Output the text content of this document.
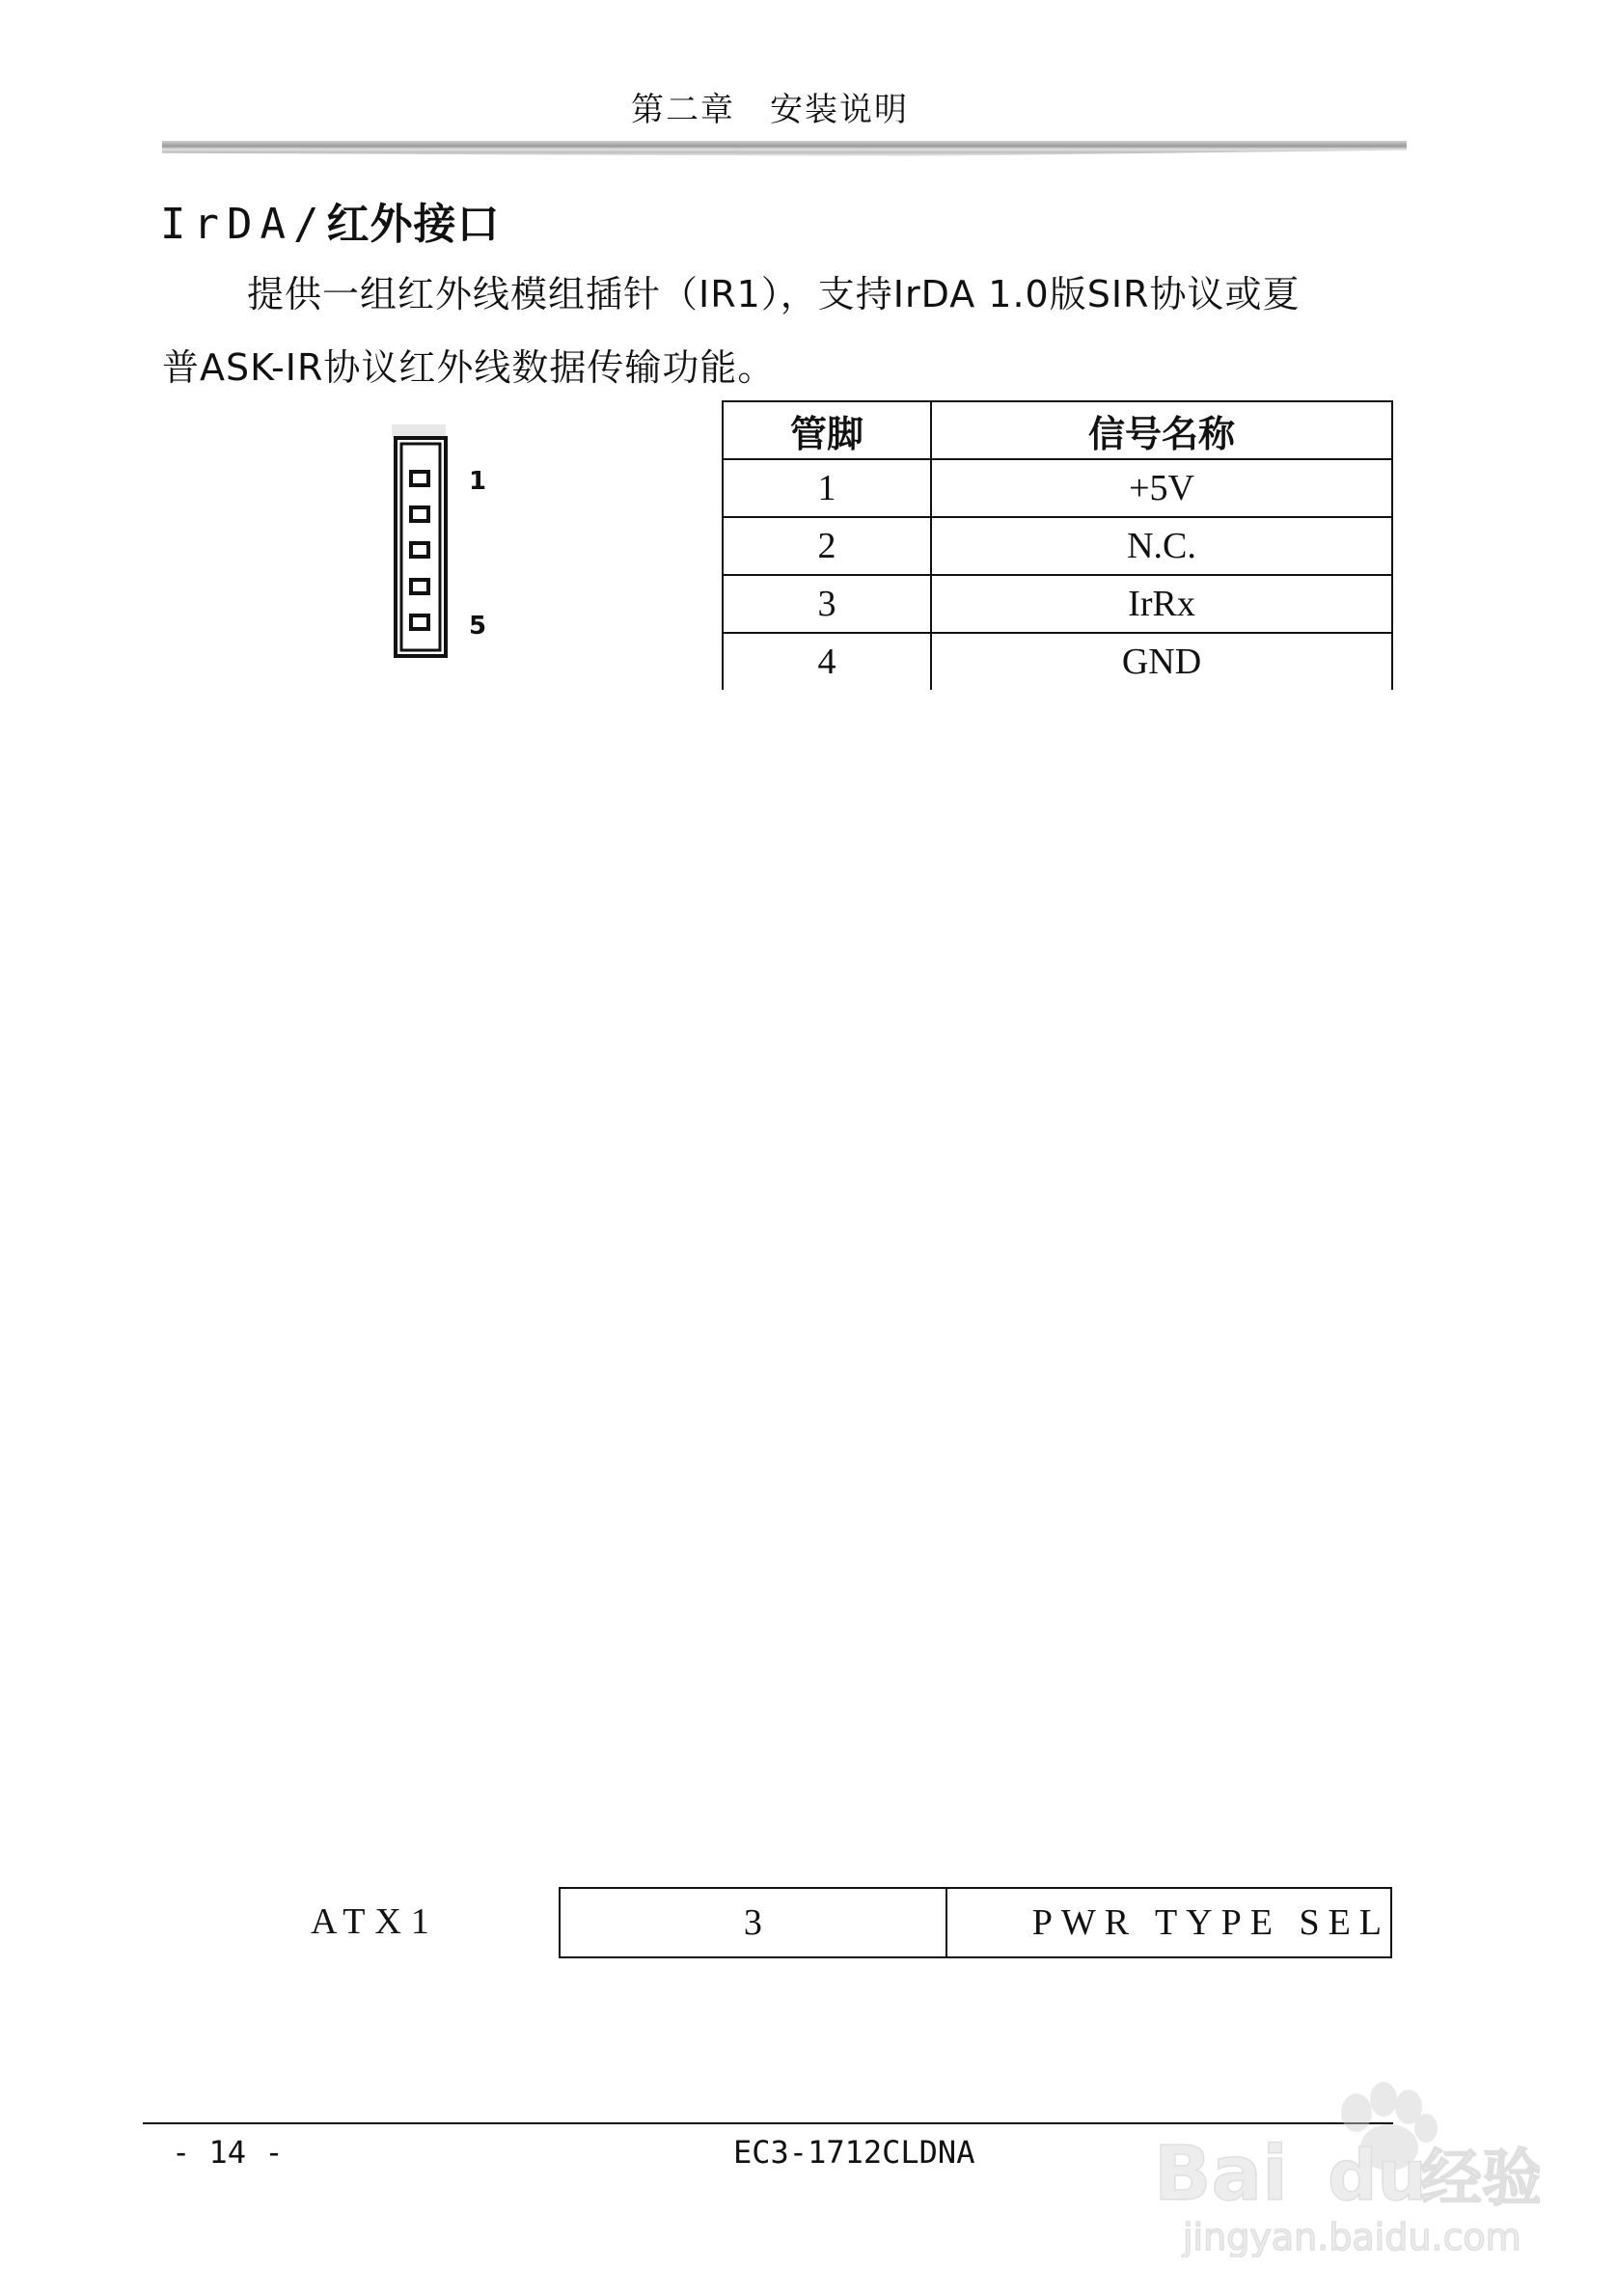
第二章　安装说明
IrDA/红外接口
提供一组红外线模组插针（IR1），支持IrDA 1.0版SIR协议或夏
普ASK-IR协议红外线数据传输功能。
1
5
管脚	信号名称
1	+5V
2	N.C.
3	IrRx
4	GND
ATX1	3	PWR TYPE SEL
- 14 -	EC3-1712CLDNA Bai du
经验
jingyan.baidu.com
